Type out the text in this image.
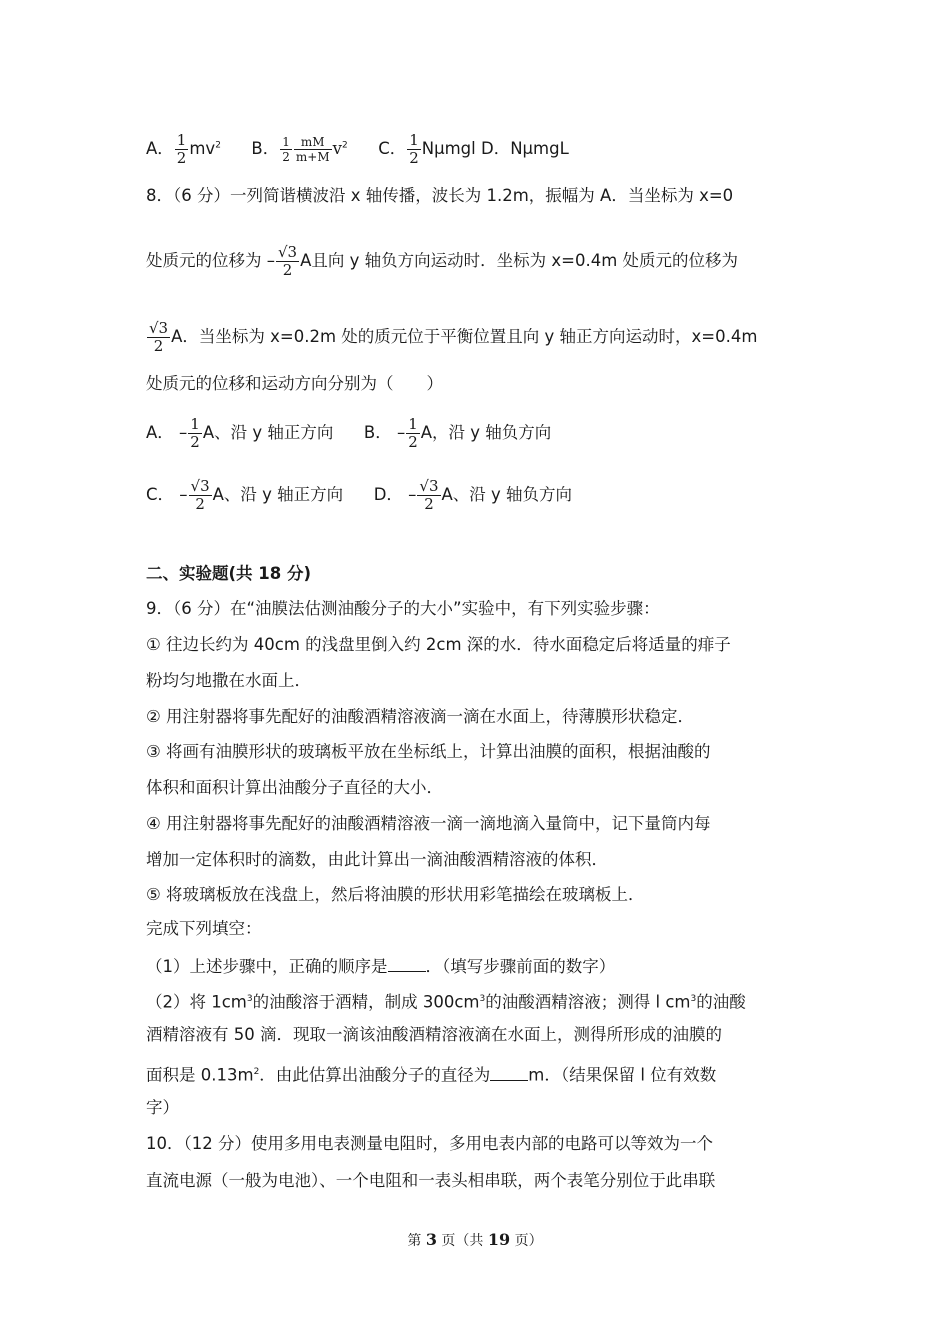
A． $\frac{1}{2} mv^2$ B． $\frac{1}{2} \frac{mM}{m+M} v^2$ C． $\frac{1}{2}$ Nμmgl D．NμmgL
8．（6 分）一列简谐横波沿 x 轴传播，波长为 1.2m，振幅为 A．当坐标为 x=0
处质元的位移为 – $\frac{√3}{2}$ A且向 y 轴负方向运动时．坐标为 x=0.4m 处质元的位移为
$\frac{√3}{2}$ A．当坐标为 x=0.2m 处的质元位于平衡位置且向 y 轴正方向运动时，x=0.4m
处质元的位移和运动方向分别为（　　）
A． – $\frac{1}{2}$ A、沿 y 轴正方向 B． – $\frac{1}{2}$ A，沿 y 轴负方向
C． – $\frac{√3}{2}$ A、沿 y 轴正方向 D． – $\frac{√3}{2}$ A、沿 y 轴负方向
二、实验题(共 18 分)
9．（6 分）在“油膜法估测油酸分子的大小”实验中，有下列实验步骤：
① 往边长约为 40cm 的浅盘里倒入约 2cm 深的水．待水面稳定后将适量的痱子
粉均匀地撒在水面上．
② 用注射器将事先配好的油酸酒精溶液滴一滴在水面上，待薄膜形状稳定．
③ 将画有油膜形状的玻璃板平放在坐标纸上，计算出油膜的面积，根据油酸的
体积和面积计算出油酸分子直径的大小．
④ 用注射器将事先配好的油酸酒精溶液一滴一滴地滴入量筒中，记下量筒内每
增加一定体积时的滴数，由此计算出一滴油酸酒精溶液的体积．
⑤ 将玻璃板放在浅盘上，然后将油膜的形状用彩笔描绘在玻璃板上．
完成下列填空：
（1）上述步骤中，正确的顺序是 ．（填写步骤前面的数字）
（2）将 $1cm^3$的油酸溶于酒精，制成 $300cm^3$的油酸酒精溶液；测得 l $cm^3$的油酸
酒精溶液有 50 滴．现取一滴该油酸酒精溶液滴在水面上，测得所形成的油膜的
面积是 $0.13m^2$．由此估算出油酸分子的直径为 m．（结果保留 l 位有效数
字）
10．（12 分）使用多用电表测量电阻时，多用电表内部的电路可以等效为一个
直流电源（一般为电池）、一个电阻和一表头相串联，两个表笔分别位于此串联
第 3 页（共 19 页）
